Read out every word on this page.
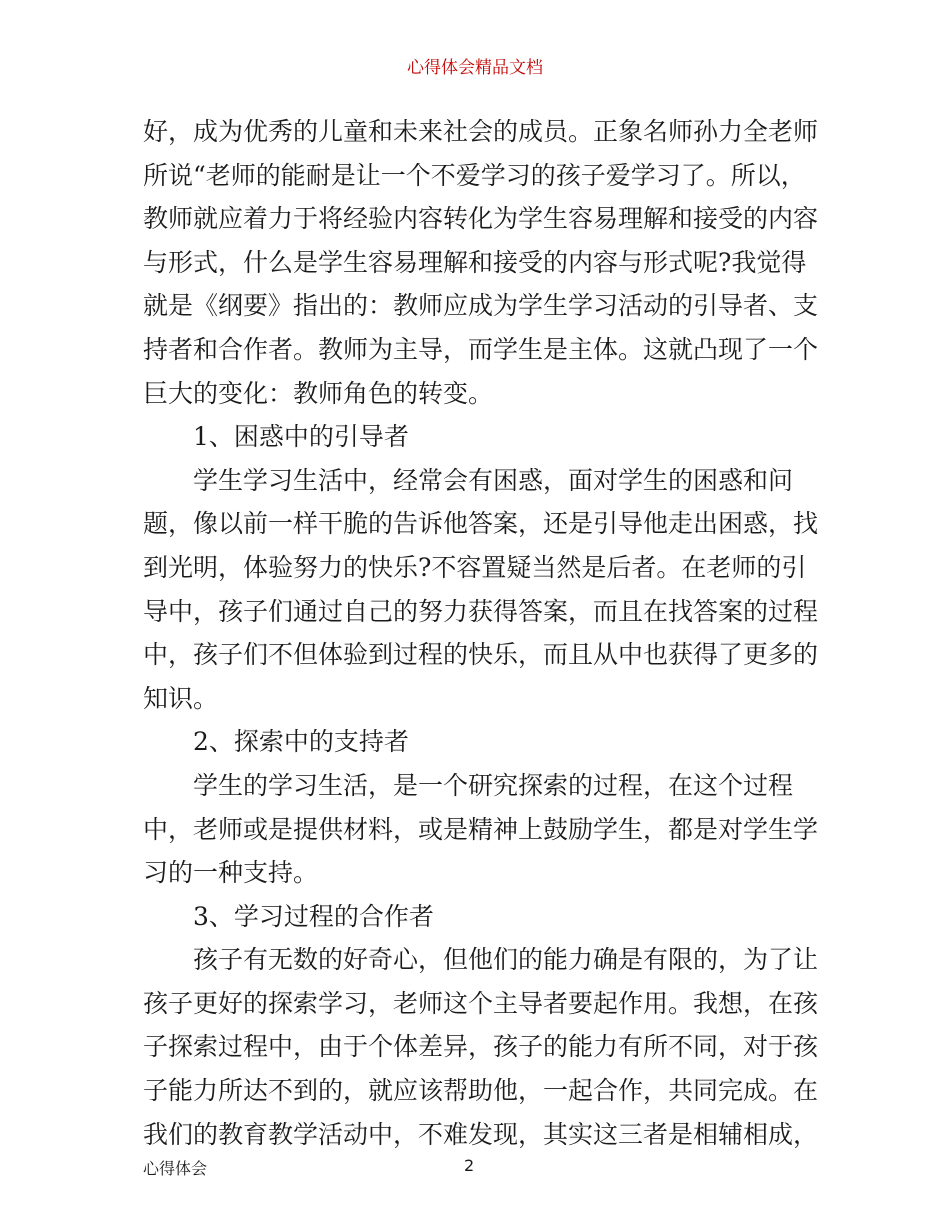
心得体会精品文档
好，成为优秀的儿童和未来社会的成员。正象名师孙力全老师
所说“老师的能耐是让一个不爱学习的孩子爱学习了。所以，
教师就应着力于将经验内容转化为学生容易理解和接受的内容
与形式，什么是学生容易理解和接受的内容与形式呢?我觉得
就是《纲要》指出的：教师应成为学生学习活动的引导者、支
持者和合作者。教师为主导，而学生是主体。这就凸现了一个
巨大的变化：教师角色的转变。
1、困惑中的引导者
学生学习生活中，经常会有困惑，面对学生的困惑和问
题，像以前一样干脆的告诉他答案，还是引导他走出困惑，找
到光明，体验努力的快乐?不容置疑当然是后者。在老师的引
导中，孩子们通过自己的努力获得答案，而且在找答案的过程
中，孩子们不但体验到过程的快乐，而且从中也获得了更多的
知识。
2、探索中的支持者
学生的学习生活，是一个研究探索的过程，在这个过程
中，老师或是提供材料，或是精神上鼓励学生，都是对学生学
习的一种支持。
3、学习过程的合作者
孩子有无数的好奇心，但他们的能力确是有限的，为了让
孩子更好的探索学习，老师这个主导者要起作用。我想，在孩
子探索过程中，由于个体差异，孩子的能力有所不同，对于孩
子能力所达不到的，就应该帮助他，一起合作，共同完成。在
我们的教育教学活动中，不难发现，其实这三者是相辅相成，
心得体会	2
